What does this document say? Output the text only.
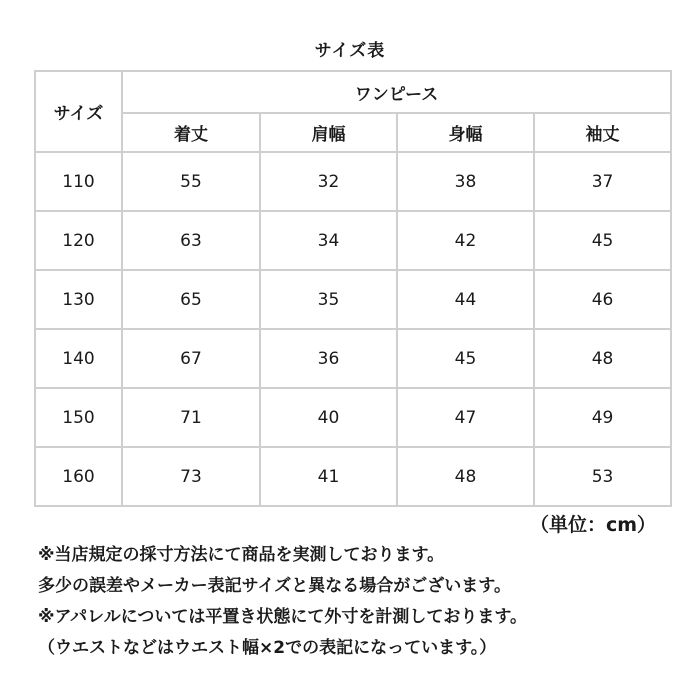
サイズ表
サイズ	ワンピース			
	着丈	肩幅	身幅	袖丈
110	55	32	38	37
120	63	34	42	45
130	65	35	44	46
140	67	36	45	48
150	71	40	47	49
160	73	41	48	53
（単位：cm）
※当店規定の採寸方法にて商品を実測しております。
多少の誤差やメーカー表記サイズと異なる場合がございます。
※アパレルについては平置き状態にて外寸を計測しております。
（ウエストなどはウエスト幅×2での表記になっています。）
